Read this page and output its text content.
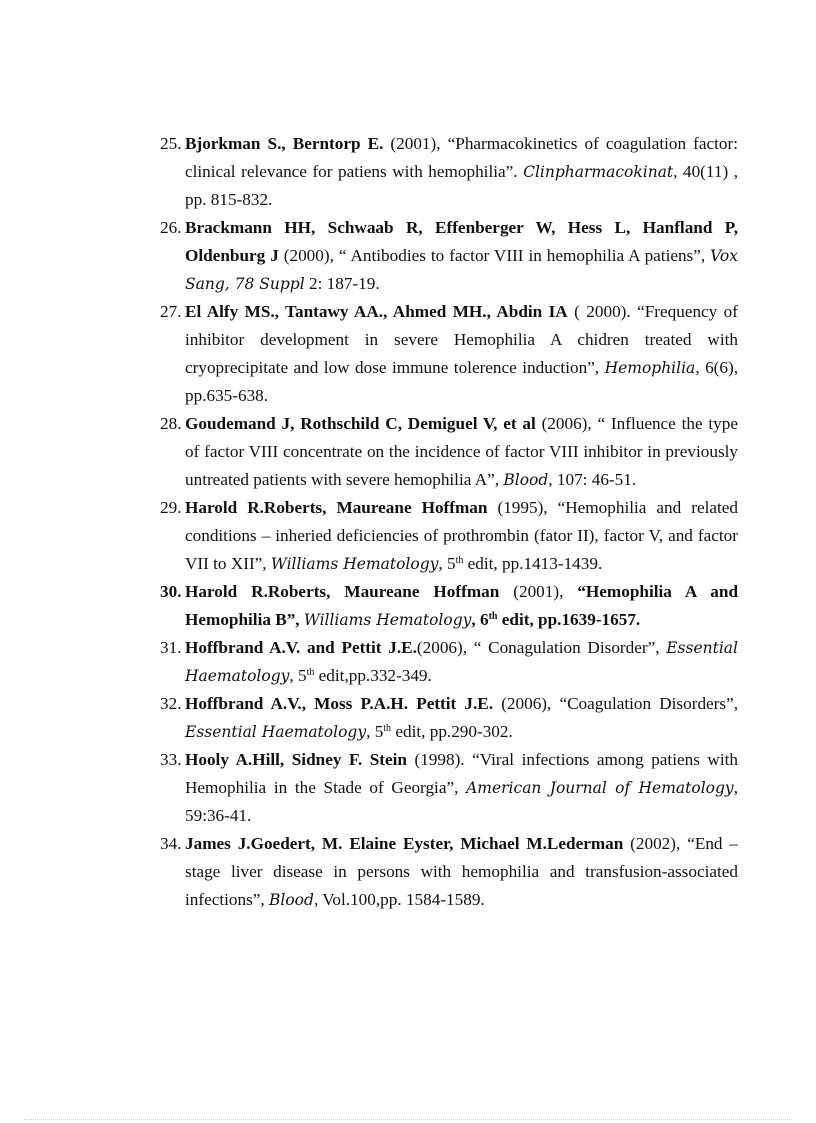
25. Bjorkman S., Berntorp E. (2001), “Pharmacokinetics of coagulation factor: clinical relevance for patiens with hemophilia”. Clinpharmacokinat, 40(11) , pp. 815-832.
26. Brackmann HH, Schwaab R, Effenberger W, Hess L, Hanfland P, Oldenburg J (2000), “ Antibodies to factor VIII in hemophilia A patiens”, Vox Sang, 78 Suppl 2: 187-19.
27. El Alfy MS., Tantawy AA., Ahmed MH., Abdin IA ( 2000). “Frequency of inhibitor development in severe Hemophilia A chidren treated with cryoprecipitate and low dose immune tolerence induction”, Hemophilia, 6(6), pp.635-638.
28. Goudemand J, Rothschild C, Demiguel V, et al (2006), “ Influence the type of factor VIII concentrate on the incidence of factor VIII inhibitor in previously untreated patients with severe hemophilia A”, Blood, 107: 46-51.
29. Harold R.Roberts, Maureane Hoffman (1995), “Hemophilia and related conditions – inheried deficiencies of prothrombin (fator II), factor V, and factor VII to XII”, Williams Hematology, 5th edit, pp.1413-1439.
30. Harold R.Roberts, Maureane Hoffman (2001), “Hemophilia A and Hemophilia B”, Williams Hematology, 6th edit, pp.1639-1657.
31. Hoffbrand A.V. and Pettit J.E.(2006), “ Conagulation Disorder”, Essential Haematology, 5th edit,pp.332-349.
32. Hoffbrand A.V., Moss P.A.H. Pettit J.E. (2006), “Coagulation Disorders”, Essential Haematology, 5th edit, pp.290-302.
33. Hooly A.Hill, Sidney F. Stein (1998). “Viral infections among patiens with Hemophilia in the Stade of Georgia”, American Journal of Hematology, 59:36-41.
34. James J.Goedert, M. Elaine Eyster, Michael M.Lederman (2002), “End – stage liver disease in persons with hemophilia and transfusion-associated infections”, Blood, Vol.100,pp. 1584-1589.
